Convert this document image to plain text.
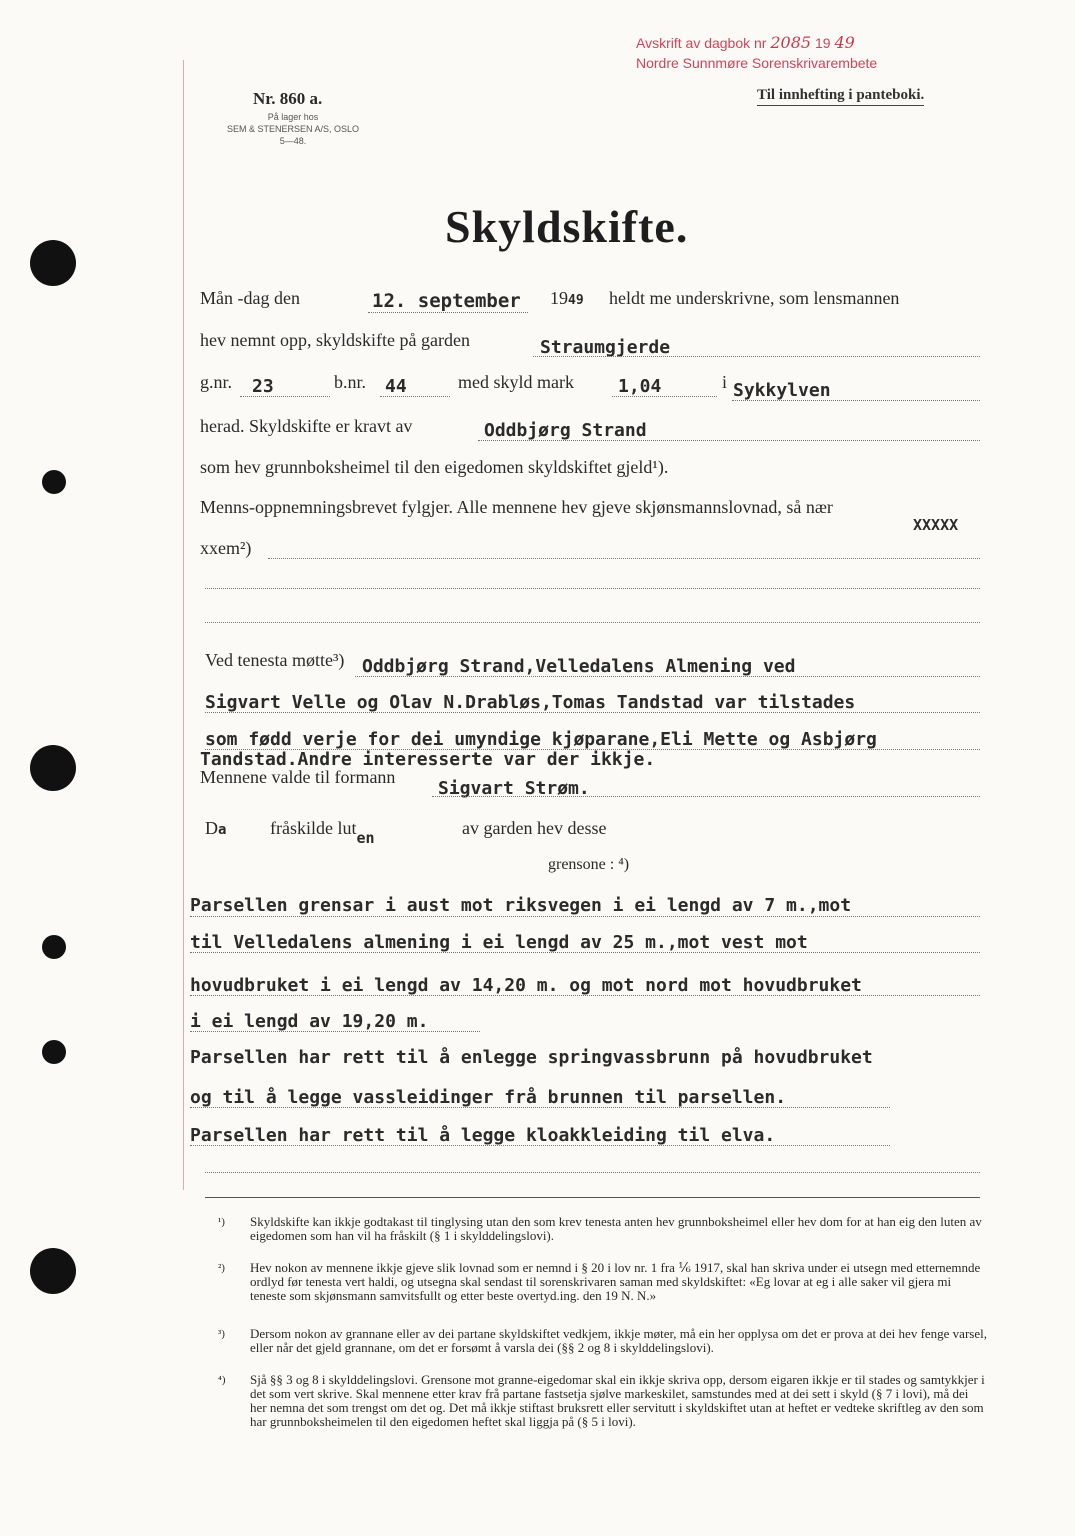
Avskrift av dagbok nr 2085 19 49
Nordre Sunnmøre Sorenskrivarembete
Til innhefting i panteboki.
Nr. 860 a.
På lager hos
SEM & STENERSEN A/S, OSLO
5—48.
Skyldskifte.
Mån -dag den	12. september 1949 heldt me underskrivne, som lensmannen
hev nemnt opp, skyldskifte på garden	Straumgjerde
g.nr. 23	b.nr. 44	med skyld mark 1,04	i Sykkylven
herad. Skyldskifte er kravt av	Oddbjørg Strand
som hev grunnboksheimel til den eigedomen skyldskiftet gjeld¹).
Menns-oppnemningsbrevet fylgjer. Alle mennene hev gjeve skjønsmannslovnad, så nær
XXXXX
xxem²)
Ved tenesta møtte³) Oddbjørg Strand,Velledalens Almening ved
Sigvart Velle og Olav N.Drabløs,Tomas Tandstad var tilstades
som fødd verje for dei umyndige kjøparane,Eli Mette og Asbjørg
Tandstad.Andre interesserte var der ikkje.
Mennene valde til formann
Sigvart Strøm.
Da fråskilde lut$_{en}$	av garden hev desse
grensone : ⁴)
Parsellen grensar i aust mot riksvegen i ei lengd av 7 m.,mot
til Velledalens almening i ei lengd av 25 m.,mot vest mot
hovudbruket i ei lengd av 14,20 m. og mot nord mot hovudbruket
i ei lengd av 19,20 m.
Parsellen har rett til å enlegge springvassbrunn på hovudbruket
og til å legge vassleidinger frå brunnen til parsellen.
Parsellen har rett til å legge kloakkleiding til elva.
¹)	Skyldskifte kan ikkje godtakast til tinglysing utan den som krev tenesta anten hev grunnboksheimel eller hev dom for at han eig den luten av eigedomen som han vil ha fråskilt (§ 1 i skylddelingslovi).
²)	Hev nokon av mennene ikkje gjeve slik lovnad som er nemnd i § 20 i lov nr. 1 fra ⅙ 1917, skal han skriva under ei utsegn med etternemnde ordlyd før tenesta vert haldi, og utsegna skal sendast til sorenskrivaren saman med skyldskiftet: «Eg lovar at eg i alle saker vil gjera mi teneste som skjønsmann samvitsfullt og etter beste overtyd.ing. den 19 N. N.»
³)	Dersom nokon av grannane eller av dei partane skyldskiftet vedkjem, ikkje møter, må ein her opplysa om det er prova at dei hev fenge varsel, eller når det gjeld grannane, om det er forsømt å varsla dei (§§ 2 og 8 i skylddelingslovi).
⁴)	Sjå §§ 3 og 8 i skylddelingslovi. Grensone mot granne-eigedomar skal ein ikkje skriva opp, dersom eigaren ikkje er til stades og samtykkjer i det som vert skrive. Skal mennene etter krav frå partane fastsetja sjølve markeskilet, samstundes med at dei sett i skyld (§ 7 i lovi), må dei her nemna det som trengst om det og. Det må ikkje stiftast bruksrett eller servitutt i skyldskiftet utan at heftet er vedteke skriftleg av den som har grunnboksheimelen til den eigedomen heftet skal liggja på (§ 5 i lovi).
